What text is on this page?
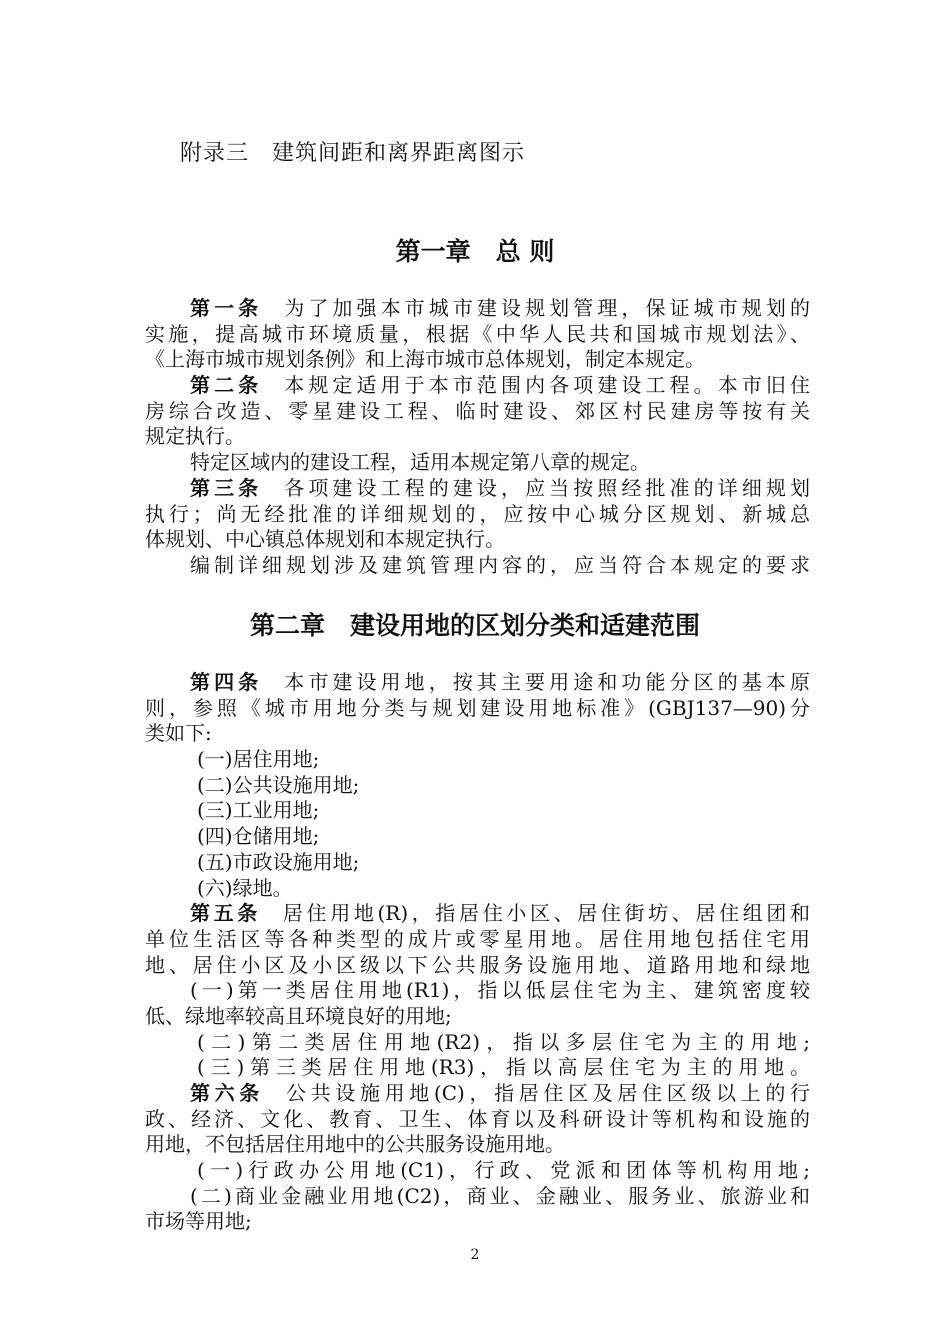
附录三　建筑间距和离界距离图示
第一章　总 则
第一条 为了加强本市城市建设规划管理，保证城市规划的
实施，提高城市环境质量，根据《中华人民共和国城市规划法》、
《上海市城市规划条例》和上海市城市总体规划，制定本规定。
第二条 本规定适用于本市范围内各项建设工程。本市旧住
房综合改造、零星建设工程、临时建设、郊区村民建房等按有关
规定执行。
特定区域内的建设工程，适用本规定第八章的规定。
第三条 各项建设工程的建设，应当按照经批准的详细规划
执行；尚无经批准的详细规划的，应按中心城分区规划、新城总
体规划、中心镇总体规划和本规定执行。
编制详细规划涉及建筑管理内容的，应当符合本规定的要求
第二章　建设用地的区划分类和适建范围
第四条 本市建设用地，按其主要用途和功能分区的基本原
则，参照《城市用地分类与规划建设用地标准》(GBJ137—90)分
类如下:
(一)居住用地;
(二)公共设施用地;
(三)工业用地;
(四)仓储用地;
(五)市政设施用地;
(六)绿地。
第五条 居住用地(R)，指居住小区、居住街坊、居住组团和
单位生活区等各种类型的成片或零星用地。居住用地包括住宅用
地、居住小区及小区级以下公共服务设施用地、道路用地和绿地
(一)第一类居住用地(R1)，指以低层住宅为主、建筑密度较
低、绿地率较高且环境良好的用地;
(二)第二类居住用地(R2)，指以多层住宅为主的用地;
(三)第三类居住用地(R3)，指以高层住宅为主的用地。
第六条 公共设施用地(C)，指居住区及居住区级以上的行
政、经济、文化、教育、卫生、体育以及科研设计等机构和设施的
用地，不包括居住用地中的公共服务设施用地。
(一)行政办公用地(C1)，行政、党派和团体等机构用地;
(二)商业金融业用地(C2)，商业、金融业、服务业、旅游业和
市场等用地;
2
